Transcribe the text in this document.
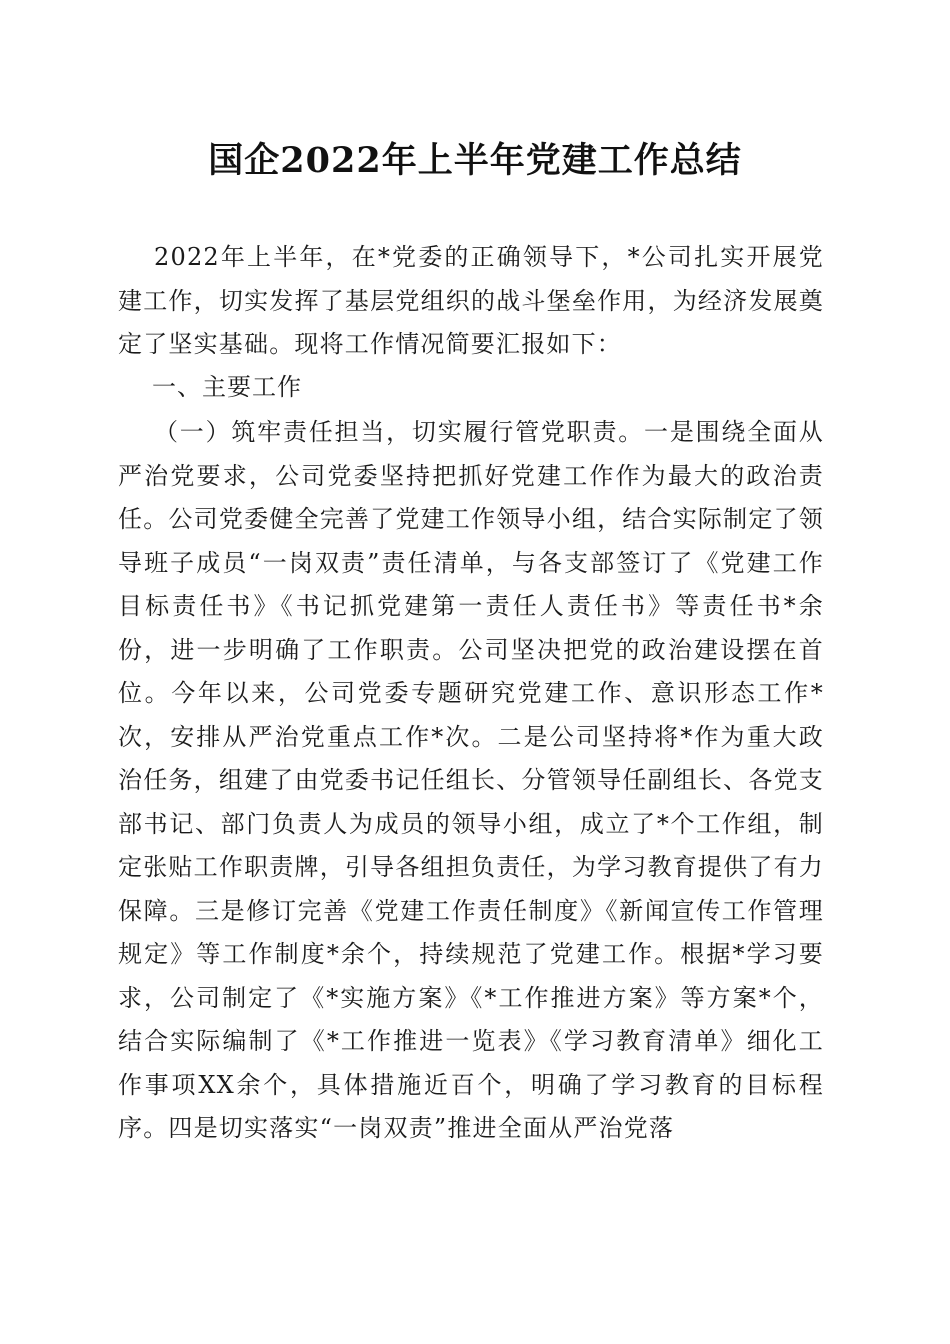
国企2022年上半年党建工作总结

2022年上半年，在*党委的正确领导下，*公司扎实开展党建工作，切实发挥了基层党组织的战斗堡垒作用，为经济发展奠定了坚实基础。现将工作情况简要汇报如下：

一、主要工作

（一）筑牢责任担当，切实履行管党职责。一是围绕全面从严治党要求，公司党委坚持把抓好党建工作作为最大的政治责任。公司党委健全完善了党建工作领导小组，结合实际制定了领导班子成员“一岗双责”责任清单，与各支部签订了《党建工作目标责任书》《书记抓党建第一责任人责任书》等责任书*余份，进一步明确了工作职责。公司坚决把党的政治建设摆在首位。今年以来，公司党委专题研究党建工作、意识形态工作*次，安排从严治党重点工作*次。二是公司坚持将*作为重大政治任务，组建了由党委书记任组长、分管领导任副组长、各党支部书记、部门负责人为成员的领导小组，成立了*个工作组，制定张贴工作职责牌，引导各组担负责任，为学习教育提供了有力保障。三是修订完善《党建工作责任制度》《新闻宣传工作管理规定》等工作制度*余个，持续规范了党建工作。根据*学习要求，公司制定了《*实施方案》《*工作推进方案》等方案*个，结合实际编制了《*工作推进一览表》《学习教育清单》细化工作事项XX余个，具体措施近百个，明确了学习教育的目标程序。四是切实落实“一岗双责”推进全面从严治党落
